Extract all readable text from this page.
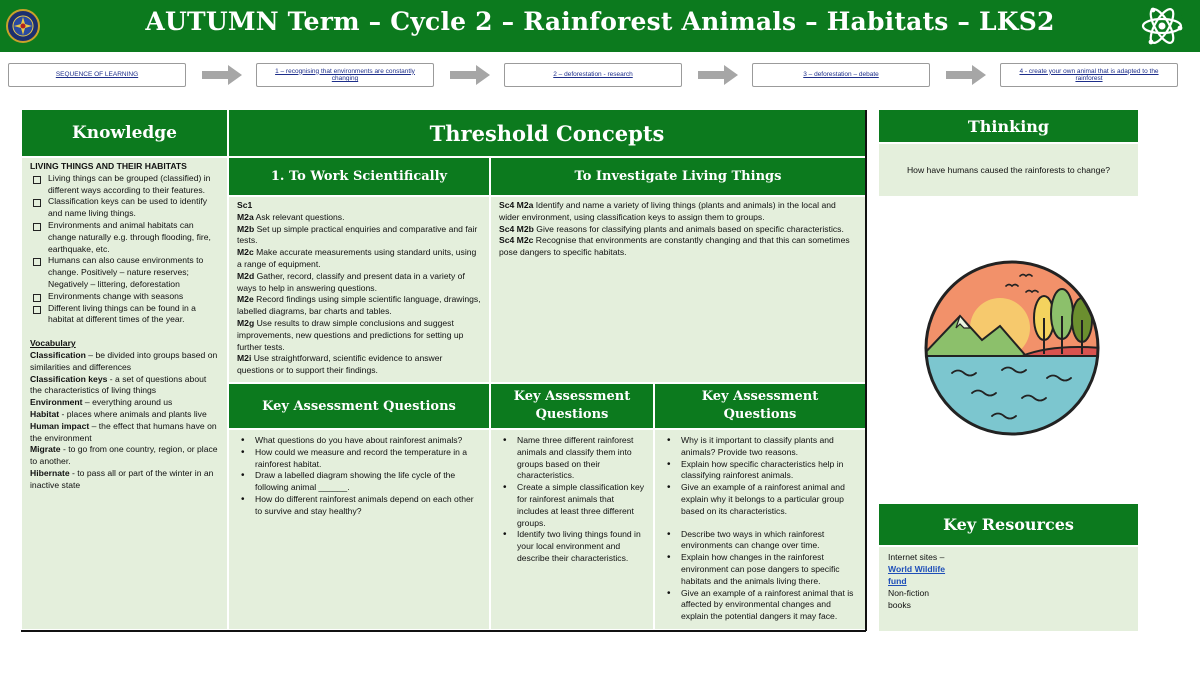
AUTUMN Term – Cycle 2 – Rainforest Animals – Habitats – LKS2
SEQUENCE OF LEARNING
1 – recognising that environments are constantly changing
2 – deforestation - research	3 – deforestation – debate
4 - create your own animal that is adapted to the rainforest
Knowledge
LIVING THINGS AND THEIR HABITATS
Living things can be grouped (classified) in different ways according to their features.
Classification keys can be used to identify and name living things.
Environments and animal habitats can change naturally e.g. through flooding, fire, earthquake, etc.
Humans can also cause environments to change. Positively – nature reserves; Negatively – littering, deforestation
Environments change with seasons
Different living things can be found in a habitat at different times of the year.
Vocabulary
Classification – be divided into groups based on similarities and differences
Classification keys - a set of questions about the characteristics of living things
Environment – everything around us
Habitat - places where animals and plants live
Human impact – the effect that humans have on the environment
Migrate - to go from one country, region, or place to another.
Hibernate - to pass all or part of the winter in an inactive state
Threshold Concepts
1. To Work Scientifically	To Investigate Living Things
Sc1
M2a Ask relevant questions.
M2b Set up simple practical enquiries and comparative and fair tests.
M2c Make accurate measurements using standard units, using a range of equipment.
M2d Gather, record, classify and present data in a variety of ways to help in answering questions.
M2e Record findings using simple scientific language, drawings, labelled diagrams, bar charts and tables.
M2g Use results to draw simple conclusions and suggest improvements, new questions and predictions for setting up further tests.
M2i Use straightforward, scientific evidence to answer questions or to support their findings.
Sc4 M2a Identify and name a variety of living things (plants and animals) in the local and wider environment, using classification keys to assign them to groups.
Sc4 M2b Give reasons for classifying plants and animals based on specific characteristics.
Sc4 M2c Recognise that environments are constantly changing and that this can sometimes pose dangers to specific habitats.
Key Assessment Questions
Key Assessment Questions
Key Assessment Questions
• What questions do you have about rainforest animals?
• How could we measure and record the temperature in a rainforest habitat.
• Draw a labelled diagram showing the life cycle of the following animal ______.
• How do different rainforest animals depend on each other to survive and stay healthy?
• Name three different rainforest animals and classify them into groups based on their characteristics.
• Create a simple classification key for rainforest animals that includes at least three different groups.
• Identify two living things found in your local environment and describe their characteristics.
• Why is it important to classify plants and animals? Provide two reasons.
• Explain how specific characteristics help in classifying rainforest animals.
• Give an example of a rainforest animal and explain why it belongs to a particular group based on its characteristics.
• Describe two ways in which rainforest environments can change over time.
• Explain how changes in the rainforest environment can pose dangers to specific habitats and the animals living there.
• Give an example of a rainforest animal that is affected by environmental changes and explain the potential dangers it may face.
Thinking
How have humans caused the rainforests to change?
Key Resources
Internet sites –
World Wildlife
fund
Non-fiction
books
